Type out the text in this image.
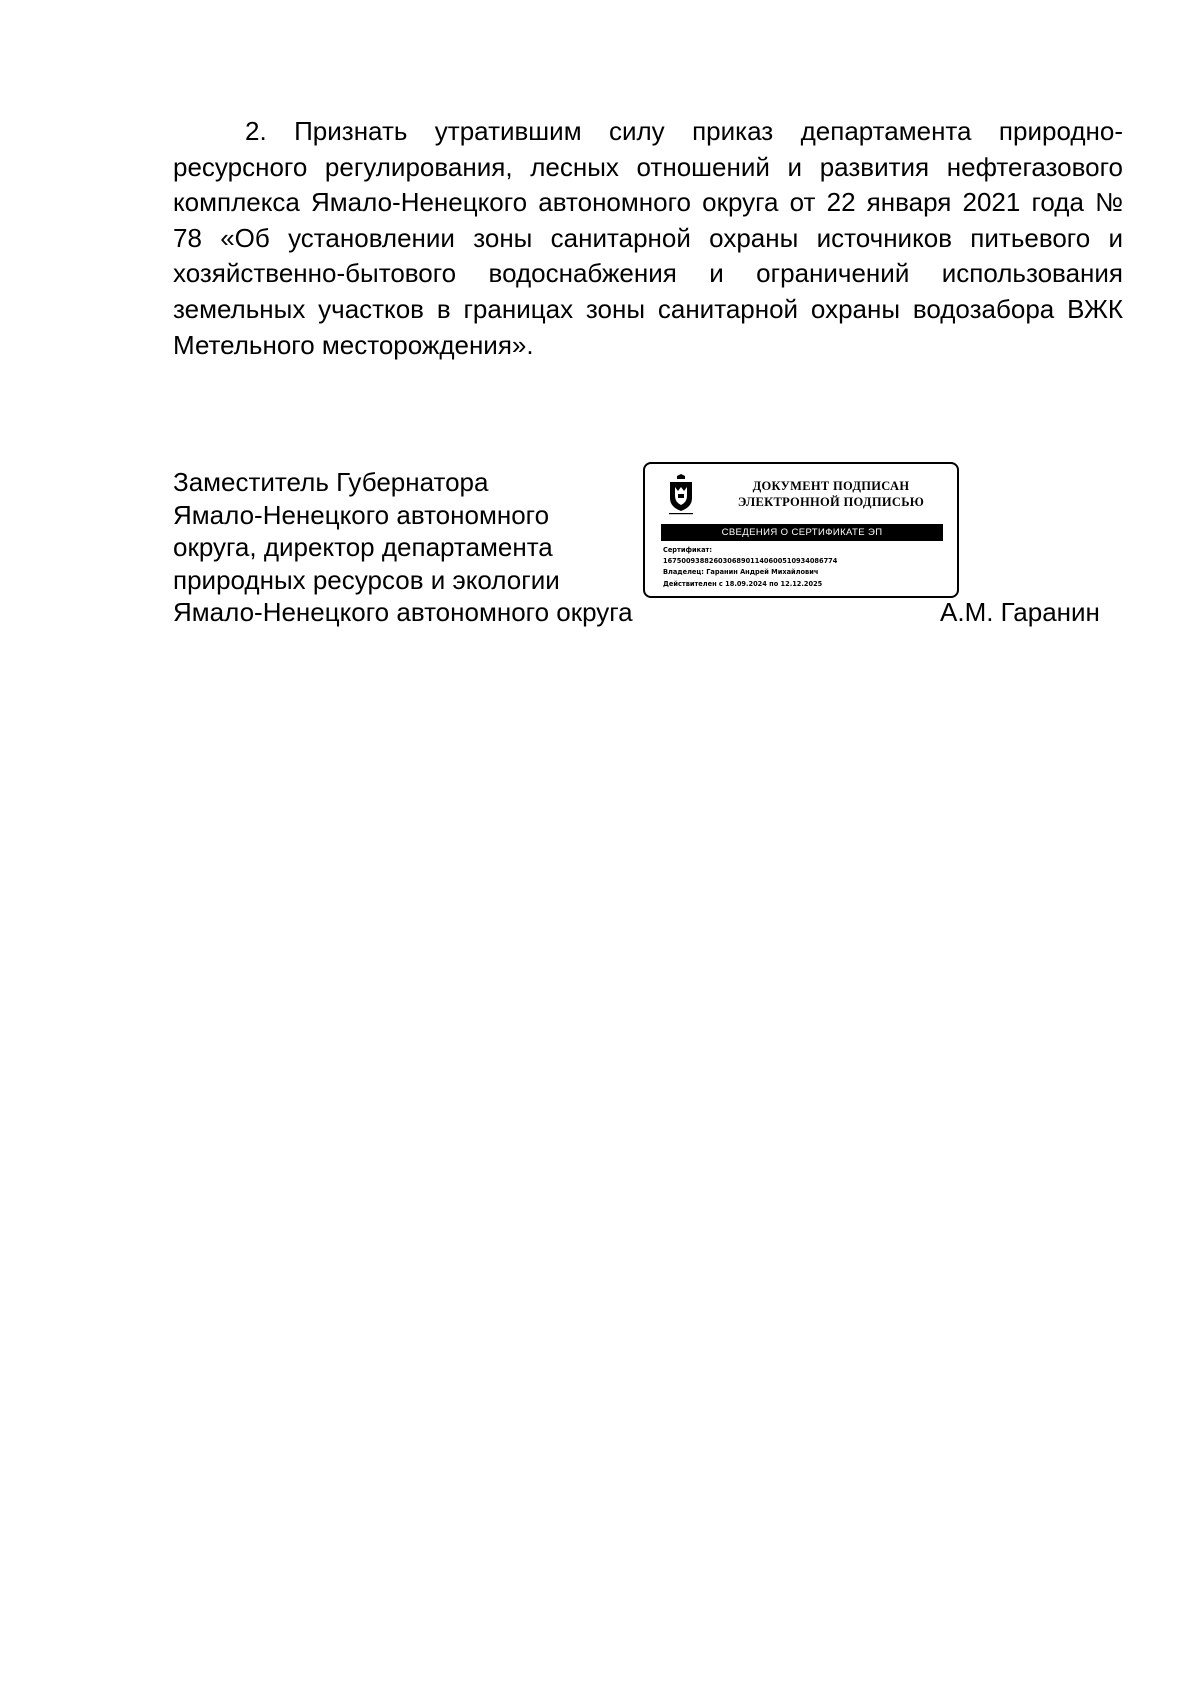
2. Признать утратившим силу приказ департамента природно-ресурсного регулирования, лесных отношений и развития нефтегазового комплекса Ямало-Ненецкого автономного округа от 22 января 2021 года № 78 «Об установлении зоны санитарной охраны источников питьевого и хозяйственно-бытового водоснабжения и ограничений использования земельных участков в границах зоны санитарной охраны водозабора ВЖК Метельного месторождения».

Заместитель Губернатора
Ямало-Ненецкого автономного
округа, директор департамента
природных ресурсов и экологии
Ямало-Ненецкого автономного округа
ДОКУМЕНТ ПОДПИСАН
ЭЛЕКТРОННОЙ ПОДПИСЬЮ
СВЕДЕНИЯ О СЕРТИФИКАТЕ ЭП
Сертификат:
16750093882603068901140600510934086774
Владелец: Гаранин Андрей Михайлович
Действителен с 18.09.2024 по 12.12.2025
А.М. Гаранин
